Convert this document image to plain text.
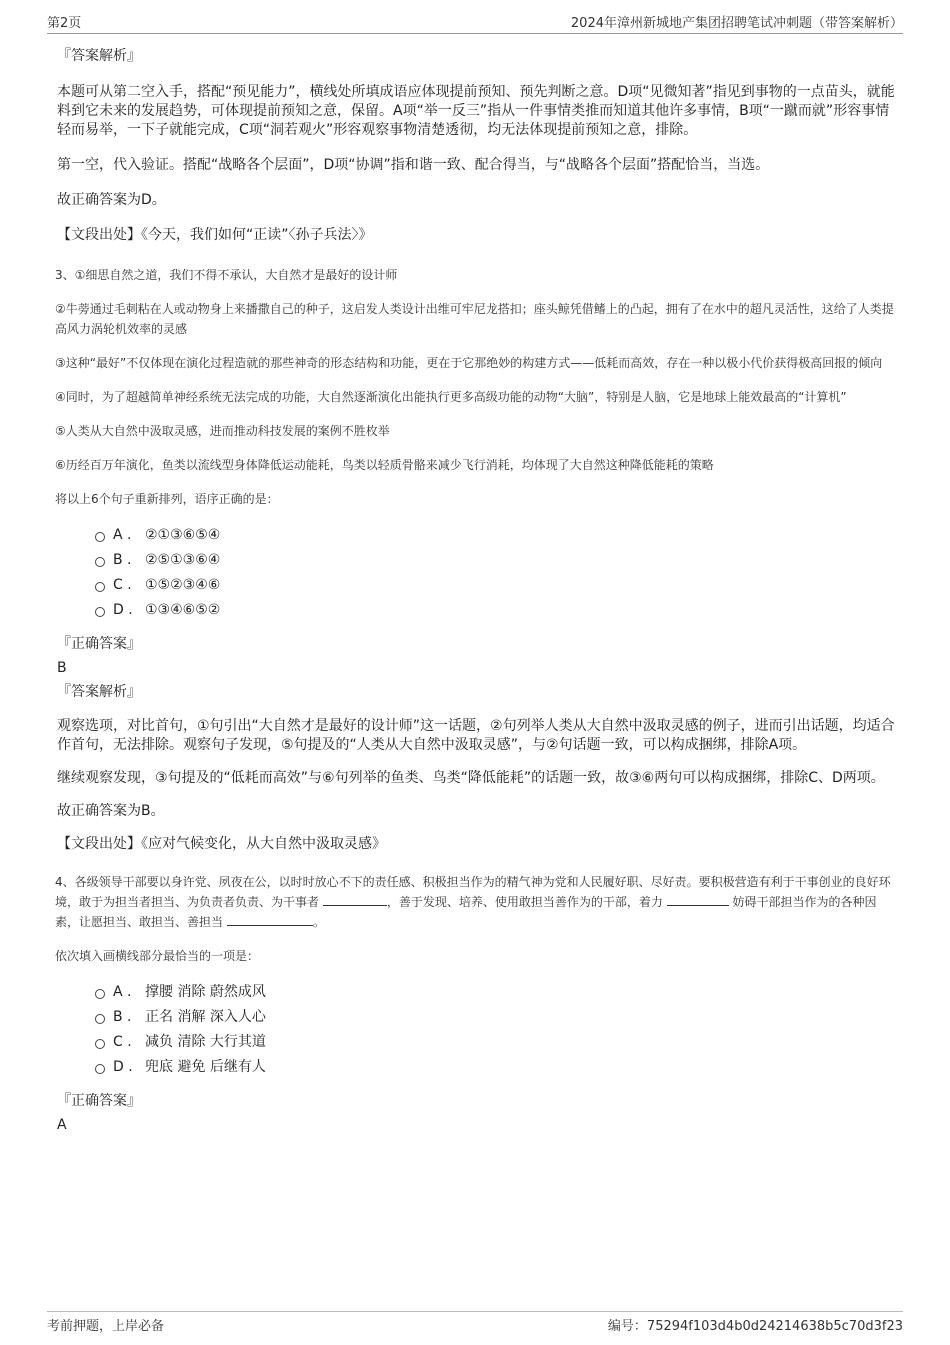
第2页	2024年漳州新城地产集团招聘笔试冲刺题（带答案解析）
『答案解析』

本题可从第二空入手，搭配“预见能力”，横线处所填成语应体现提前预知、预先判断之意。D项“见微知著”指见到事物的一点苗头，就能料到它未来的发展趋势，可体现提前预知之意，保留。A项“举一反三”指从一件事情类推而知道其他许多事情，B项“一蹴而就”形容事情轻而易举，一下子就能完成，C项“洞若观火”形容观察事物清楚透彻，均无法体现提前预知之意，排除。

第一空，代入验证。搭配“战略各个层面”，D项“协调”指和谐一致、配合得当，与“战略各个层面”搭配恰当，当选。

故正确答案为D。

【文段出处】《今天，我们如何“正读”〈孙子兵法〉》

3、①细思自然之道，我们不得不承认，大自然才是最好的设计师

②牛蒡通过毛刺粘在人或动物身上来播撒自己的种子，这启发人类设计出维可牢尼龙搭扣；座头鲸凭借鳍上的凸起，拥有了在水中的超凡灵活性，这给了人类提高风力涡轮机效率的灵感

③这种“最好”不仅体现在演化过程造就的那些神奇的形态结构和功能，更在于它那绝妙的构建方式——低耗而高效，存在一种以极小代价获得极高回报的倾向

④同时，为了超越简单神经系统无法完成的功能，大自然逐渐演化出能执行更多高级功能的动物“大脑”，特别是人脑，它是地球上能效最高的“计算机”

⑤人类从大自然中汲取灵感，进而推动科技发展的案例不胜枚举

⑥历经百万年演化，鱼类以流线型身体降低运动能耗，鸟类以轻质骨骼来减少飞行消耗，均体现了大自然这种降低能耗的策略

将以上6个句子重新排列，语序正确的是：

A . ②①③⑥⑤④
B . ②⑤①③⑥④
C . ①⑤②③④⑥
D . ①③④⑥⑤②
『正确答案』
B
『答案解析』

观察选项，对比首句，①句引出“大自然才是最好的设计师”这一话题，②句列举人类从大自然中汲取灵感的例子，进而引出话题，均适合作首句，无法排除。观察句子发现，⑤句提及的“人类从大自然中汲取灵感”，与②句话题一致，可以构成捆绑，排除A项。

继续观察发现，③句提及的“低耗而高效”与⑥句列举的鱼类、鸟类“降低能耗”的话题一致，故③⑥两句可以构成捆绑，排除C、D两项。

故正确答案为B。

【文段出处】《应对气候变化，从大自然中汲取灵感》

4、各级领导干部要以身许党、夙夜在公，以时时放心不下的责任感、积极担当作为的精气神为党和人民履好职、尽好责。要积极营造有利于干事创业的良好环境，敢于为担当者担当、为负责者负责、为干事者	，善于发现、培养、使用敢担当善作为的干部，着力	妨碍干部担当作为的各种因素，让愿担当、敢担当、善担当	。

依次填入画横线部分最恰当的一项是：

A . 撑腰 消除 蔚然成风
B . 正名 消解 深入人心
C . 减负 清除 大行其道
D . 兜底 避免 后继有人
『正确答案』
A
考前押题，上岸必备	编号：75294f103d4b0d24214638b5c70d3f23
